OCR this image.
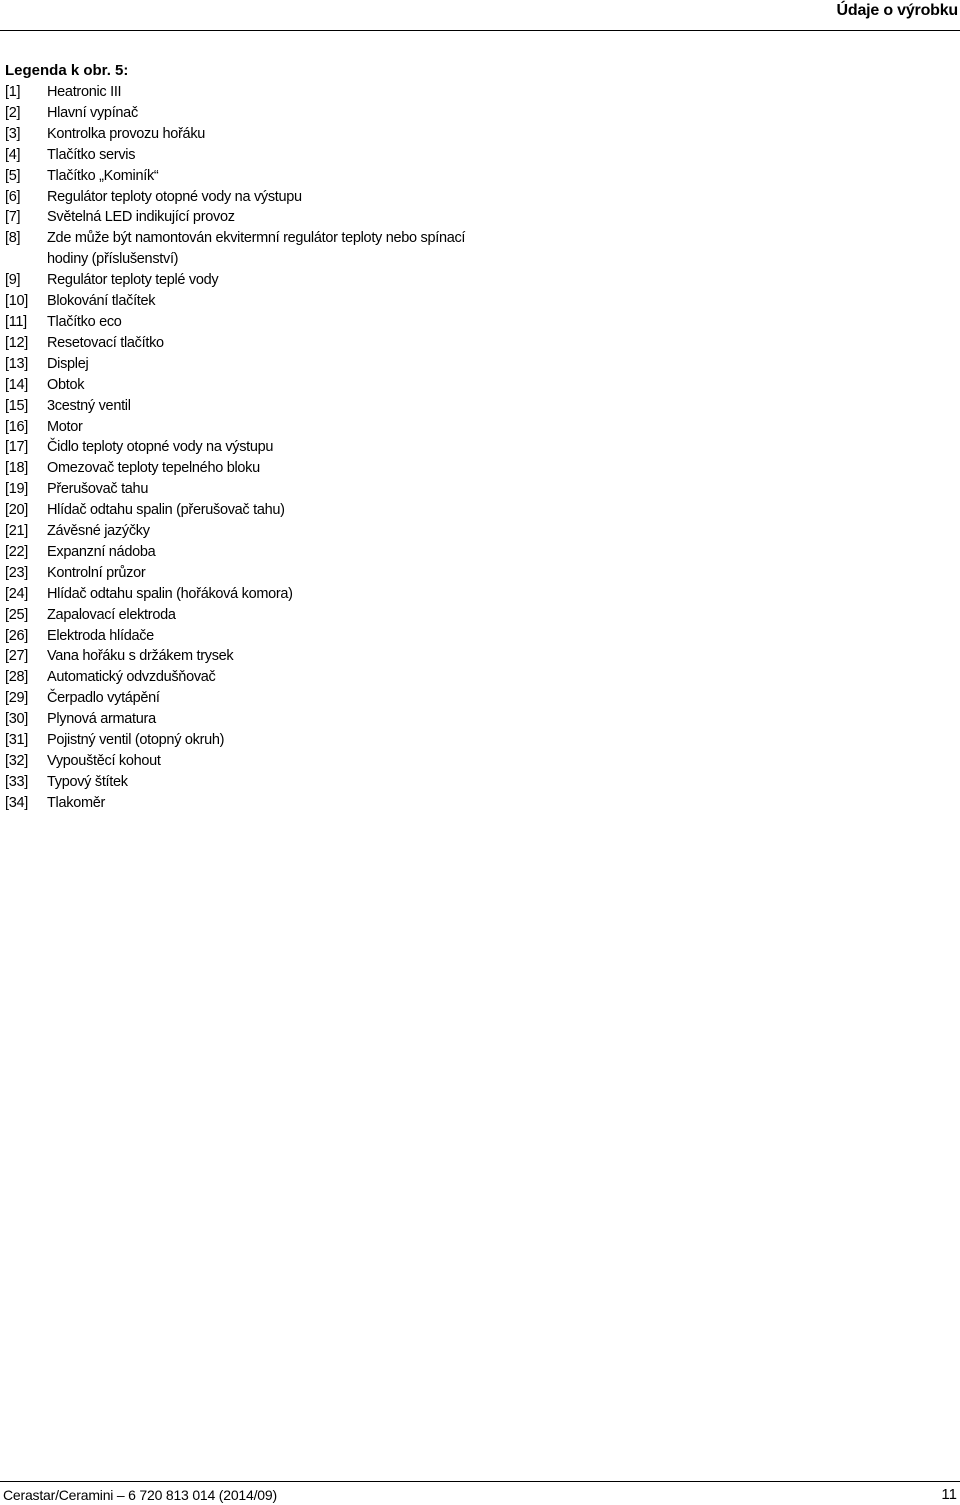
Údaje o výrobku
Legenda k obr. 5:
[1]	Heatronic III
[2]	Hlavní vypínač
[3]	Kontrolka provozu hořáku
[4]	Tlačítko servis
[5]	Tlačítko „Kominík“
[6]	Regulátor teploty otopné vody na výstupu
[7]	Světelná LED indikující provoz
[8]	Zde může být namontován ekvitermní regulátor teploty nebo spínací hodiny (příslušenství)
[9]	Regulátor teploty teplé vody
[10]	Blokování tlačítek
[11]	Tlačítko eco
[12]	Resetovací tlačítko
[13]	Displej
[14]	Obtok
[15]	3cestný ventil
[16]	Motor
[17]	Čidlo teploty otopné vody na výstupu
[18]	Omezovač teploty tepelného bloku
[19]	Přerušovač tahu
[20]	Hlídač odtahu spalin (přerušovač tahu)
[21]	Závěsné jazýčky
[22]	Expanzní nádoba
[23]	Kontrolní průzor
[24]	Hlídač odtahu spalin (hořáková komora)
[25]	Zapalovací elektroda
[26]	Elektroda hlídače
[27]	Vana hořáku s držákem trysek
[28]	Automatický odvzdušňovač
[29]	Čerpadlo vytápění
[30]	Plynová armatura
[31]	Pojistný ventil (otopný okruh)
[32]	Vypouštěcí kohout
[33]	Typový štítek
[34]	Tlakoměr
Cerastar/Ceramini – 6 720 813 014 (2014/09)	11
